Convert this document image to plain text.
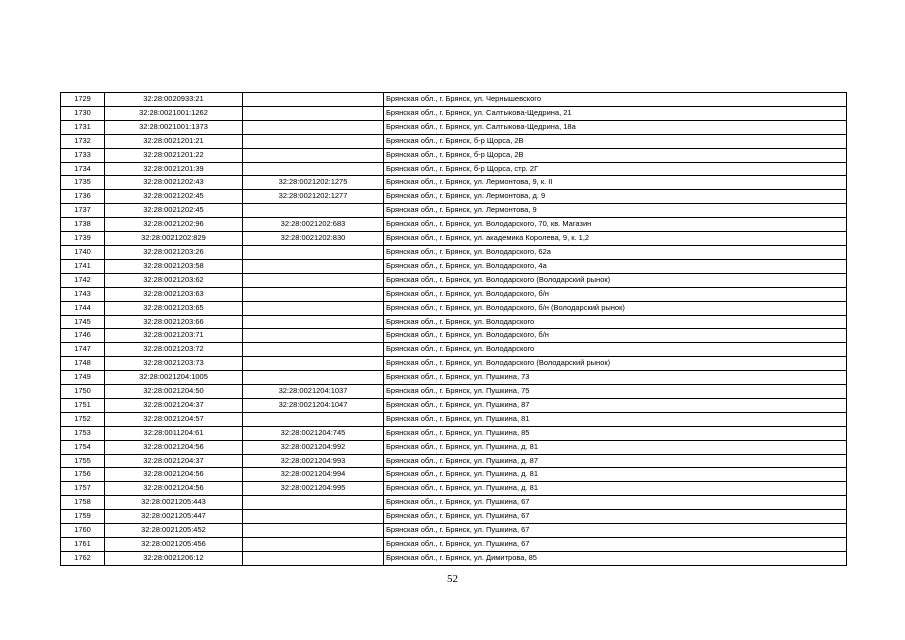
1729	32:28:0020933:21		Брянская обл., г. Брянск, ул. Чернышевского
1730	32:28:0021001:1262		Брянская обл., г. Брянск, ул. Салтыкова-Щедрина, 21
1731	32:28:0021001:1373		Брянская обл., г. Брянск, ул. Салтыкова-Щедрина, 18а
1732	32:28:0021201:21		Брянская обл., г. Брянск, б-р Щорса, 2В
1733	32:28:0021201:22		Брянская обл., г. Брянск, б-р Щорса, 2В
1734	32:28:0021201:39		Брянская обл., г. Брянск, б-р Щорса, стр. 2Г
1735	32:28:0021202:43	32:28:0021202:1275	Брянская обл., г. Брянск, ул. Лермонтова, 9, к. II
1736	32:28:0021202:45	32:28:0021202:1277	Брянская обл., г. Брянск, ул. Лермонтова, д. 9
1737	32:28:0021202:45		Брянская обл., г. Брянск, ул. Лермонтова, 9
1738	32:28:0021202:96	32:28:0021202:683	Брянская обл., г. Брянск, ул. Володарского, 70, кв. Магазин
1739	32:28:0021202:829	32:28:0021202:830	Брянская обл., г. Брянск, ул. академика Королева, 9, к. 1,2
1740	32:28:0021203:26		Брянская обл., г. Брянск, ул. Володарского, 62а
1741	32:28:0021203:58		Брянская обл., г. Брянск, ул. Володарского, 4а
1742	32:28:0021203:62		Брянская обл., г. Брянск, ул. Володарского (Володарский рынок)
1743	32:28:0021203:63		Брянская обл., г. Брянск, ул. Володарского, б/н
1744	32:28:0021203:65		Брянская обл., г. Брянск, ул. Володарского, б/н (Володарский рынок)
1745	32:28:0021203:66		Брянская обл., г. Брянск, ул. Володарского
1746	32:28:0021203:71		Брянская обл., г. Брянск, ул. Володарского, б/н
1747	32:28:0021203:72		Брянская обл., г. Брянск, ул. Володарского
1748	32:28:0021203:73		Брянская обл., г. Брянск, ул. Володарского (Володарский рынок)
1749	32:28:0021204:1005		Брянская обл., г. Брянск, ул. Пушкина, 73
1750	32:28:0021204:50	32:28:0021204:1037	Брянская обл., г. Брянск, ул. Пушкина, 75
1751	32:28:0021204:37	32:28:0021204:1047	Брянская обл., г. Брянск, ул. Пушкина, 87
1752	32:28:0021204:57		Брянская обл., г. Брянск, ул. Пушкина, 81
1753	32:28:0011204:61	32:28:0021204:745	Брянская обл., г. Брянск, ул. Пушкина, 85
1754	32:28:0021204:56	32:28:0021204:992	Брянская обл., г. Брянск, ул. Пушкина, д. 81
1755	32:28:0021204:37	32:28:0021204:993	Брянская обл., г. Брянск, ул. Пушкина, д. 87
1756	32:28:0021204:56	32:28:0021204:994	Брянская обл., г. Брянск, ул. Пушкина, д. 81
1757	32:28:0021204:56	32:28:0021204:995	Брянская обл., г. Брянск, ул. Пушкина, д. 81
1758	32:28:0021205:443		Брянская обл., г. Брянск, ул. Пушкина, 67
1759	32:28:0021205:447		Брянская обл., г. Брянск, ул. Пушкина, 67
1760	32:28:0021205:452		Брянская обл., г. Брянск, ул. Пушкина, 67
1761	32:28:0021205:456		Брянская обл., г. Брянск, ул. Пушкина, 67
1762	32:28:0021206:12		Брянская обл., г. Брянск, ул. Димитрова, 85
52
